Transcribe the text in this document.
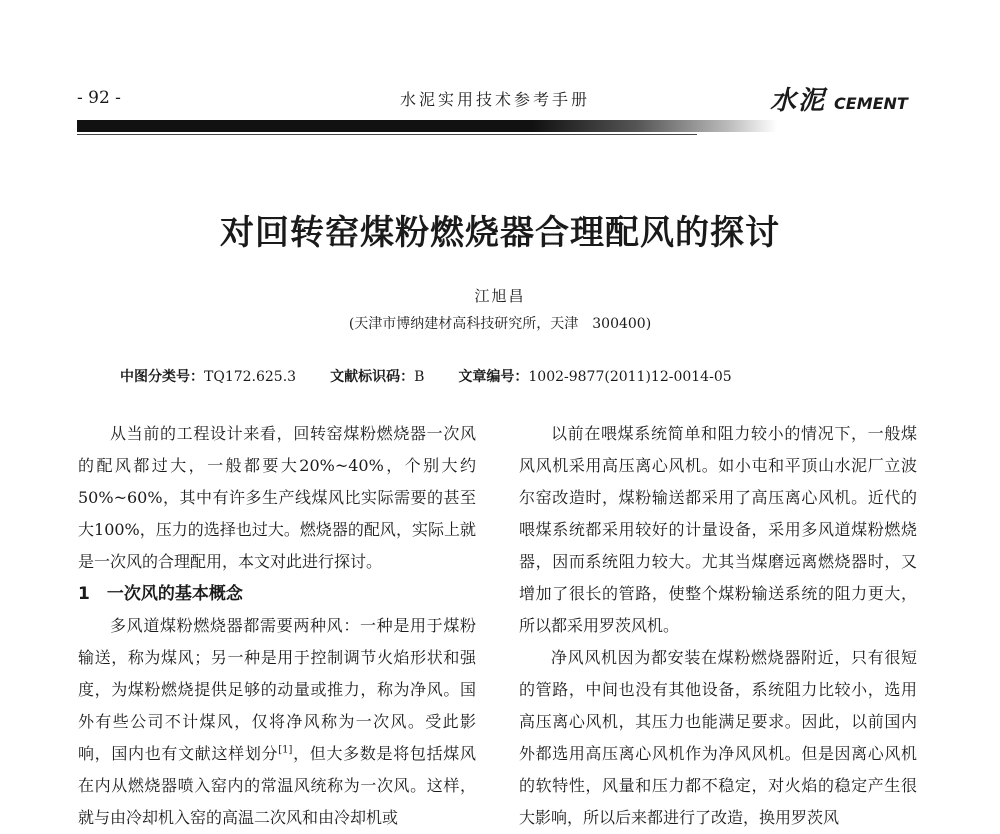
- 92 -	水泥实用技术参考手册	水泥 CEMENT
对回转窑煤粉燃烧器合理配风的探讨
江旭昌
(天津市博纳建材高科技研究所，天津　300400)
中图分类号：TQ172.625.3 文献标识码：B 文章编号：1002-9877(2011)12-0014-05

从当前的工程设计来看，回转窑煤粉燃烧器一次风的配风都过大，一般都要大20%~40%，个别大约50%~60%，其中有许多生产线煤风比实际需要的甚至大100%，压力的选择也过大。燃烧器的配风，实际上就是一次风的合理配用，本文对此进行探讨。

1　一次风的基本概念

多风道煤粉燃烧器都需要两种风：一种是用于煤粉输送，称为煤风；另一种是用于控制调节火焰形状和强度，为煤粉燃烧提供足够的动量或推力，称为净风。国外有些公司不计煤风，仅将净风称为一次风。受此影响，国内也有文献这样划分[1]，但大多数是将包括煤风在内从燃烧器喷入窑内的常温风统称为一次风。这样，就与由冷却机入窑的高温二次风和由冷却机或

以前在喂煤系统简单和阻力较小的情况下，一般煤风风机采用高压离心风机。如小屯和平顶山水泥厂立波尔窑改造时，煤粉输送都采用了高压离心风机。近代的喂煤系统都采用较好的计量设备，采用多风道煤粉燃烧器，因而系统阻力较大。尤其当煤磨远离燃烧器时，又增加了很长的管路，使整个煤粉输送系统的阻力更大，所以都采用罗茨风机。

净风风机因为都安装在煤粉燃烧器附近，只有很短的管路，中间也没有其他设备，系统阻力比较小，选用高压离心风机，其压力也能满足要求。因此，以前国内外都选用高压离心风机作为净风风机。但是因离心风机的软特性，风量和压力都不稳定，对火焰的稳定产生很大影响，所以后来都进行了改造，换用罗茨风
